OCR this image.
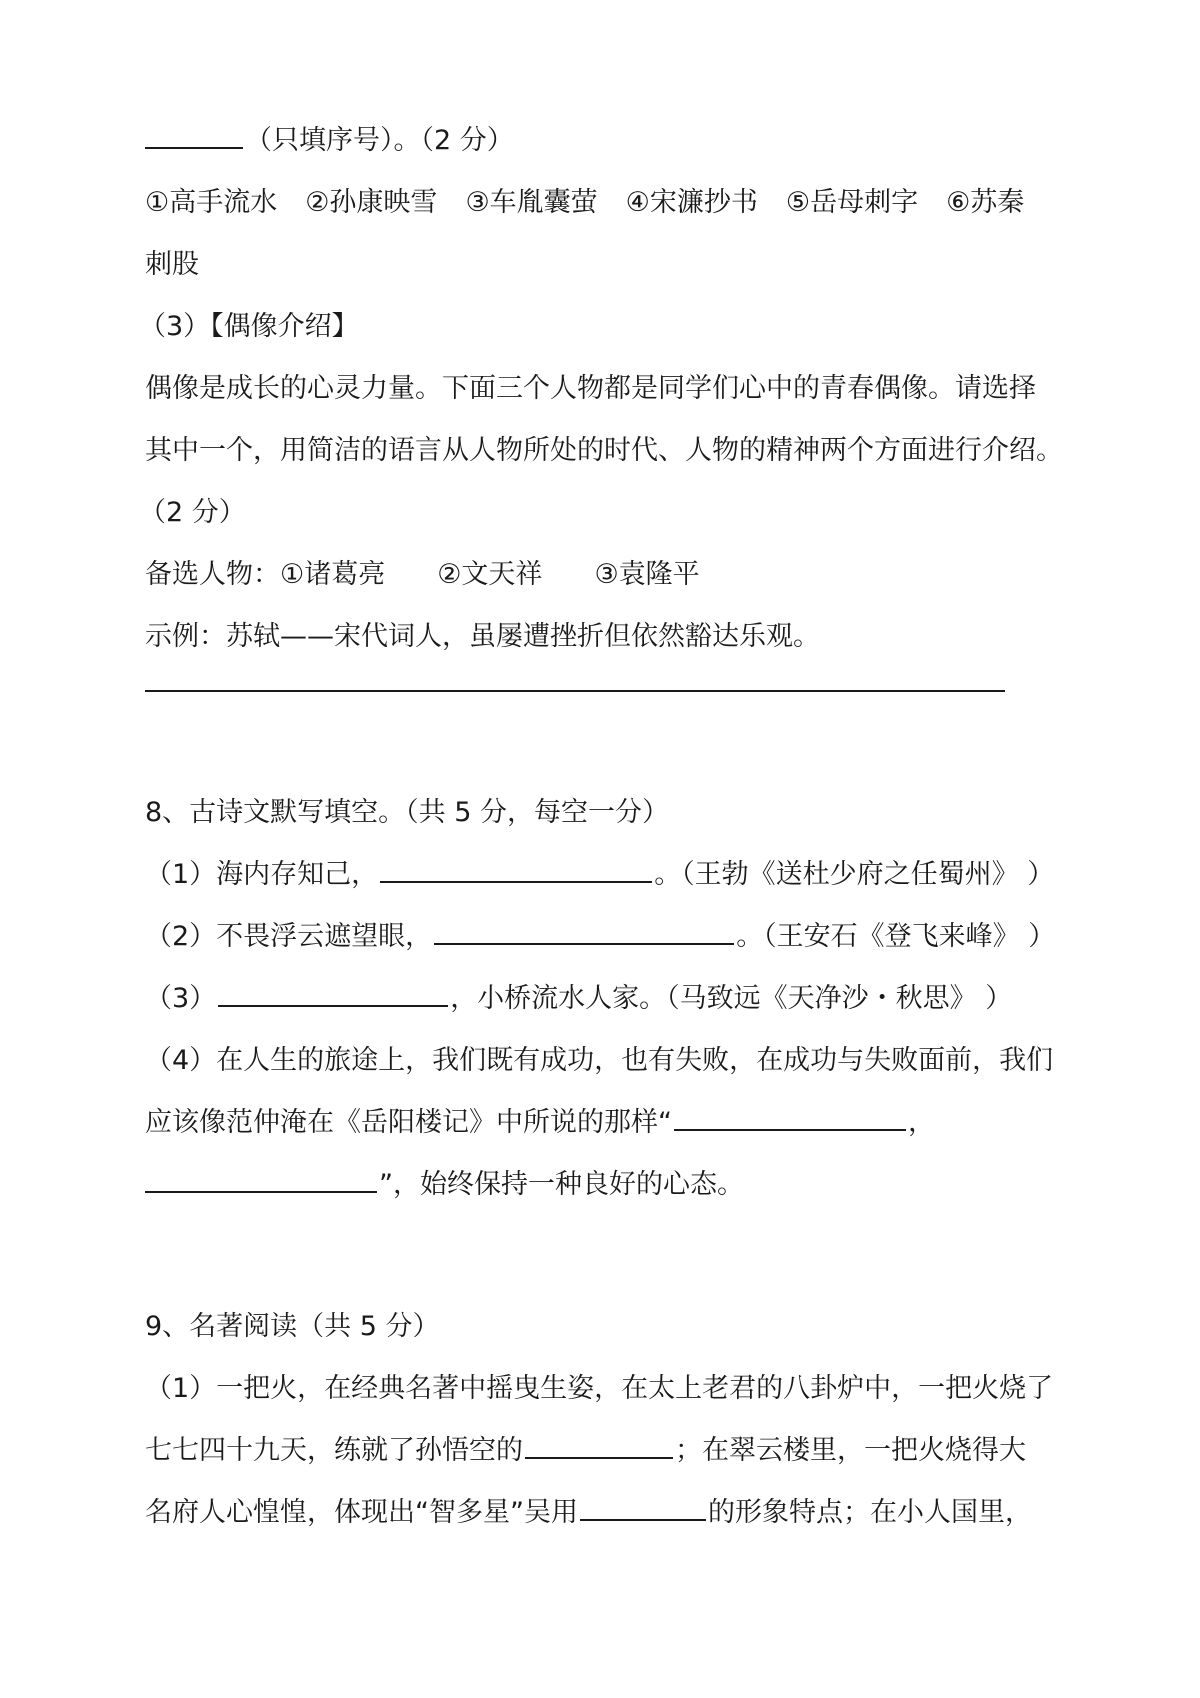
（只填序号）。（2 分）

①高手流水 ②孙康映雪 ③车胤囊萤 ④宋濂抄书 ⑤岳母刺字 ⑥苏秦

刺股

（3）【偶像介绍】

偶像是成长的心灵力量。下面三个人物都是同学们心中的青春偶像。请选择

其中一个，用简洁的语言从人物所处的时代、人物的精神两个方面进行介绍。

（2 分）

备选人物：①诸葛亮 ②文天祥 ③袁隆平

示例：苏轼——宋代词人，虽屡遭挫折但依然豁达乐观。

8、古诗文默写填空。（共 5 分，每空一分）

（1）海内存知己，	。（王勃《送杜少府之任蜀州》 ）

（2）不畏浮云遮望眼，	。（王安石《登飞来峰》 ）

（3）	，小桥流水人家。（马致远《天净沙・秋思》 ）

（4）在人生的旅途上，我们既有成功，也有失败，在成功与失败面前，我们

应该像范仲淹在《岳阳楼记》中所说的那样“	，

”，始终保持一种良好的心态。

9、名著阅读（共 5 分）

（1）一把火，在经典名著中摇曳生姿，在太上老君的八卦炉中，一把火烧了

七七四十九天，练就了孙悟空的	；在翠云楼里，一把火烧得大

名府人心惶惶，体现出“智多星”吴用	的形象特点；在小人国里，
